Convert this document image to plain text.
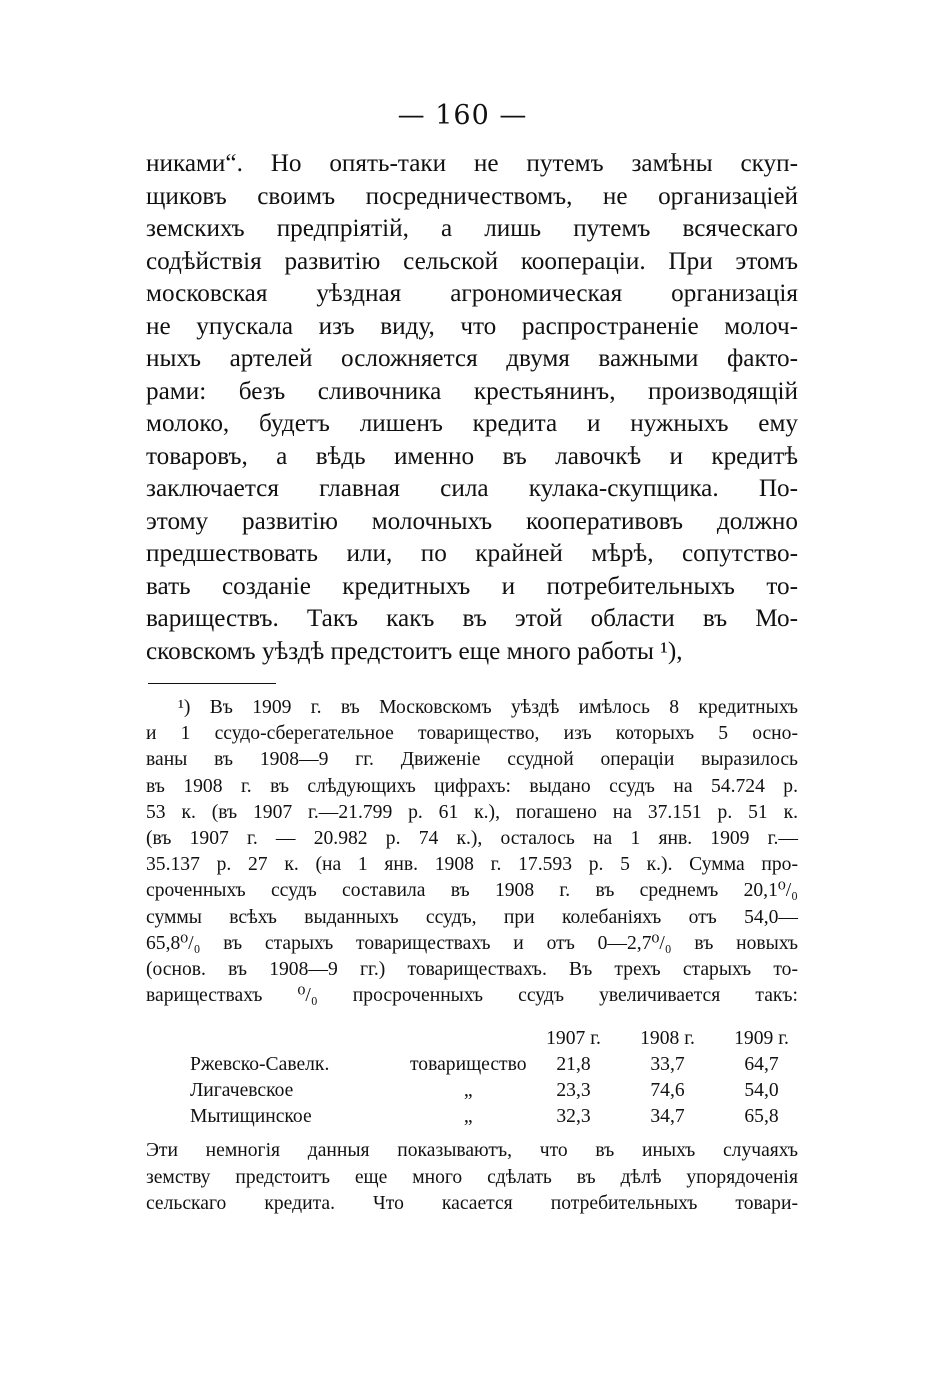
— 160 —
никами“. Но опять-таки не путемъ замѣны скуп-
щиковъ своимъ посредничествомъ, не организаціей
земскихъ предпріятій, а лишь путемъ всяческаго
содѣйствія развитію сельской коопераціи. При этомъ
московская уѣздная агрономическая организація
не упускала изъ виду, что распространеніе молоч-
ныхъ артелей осложняется двумя важными факто-
рами: безъ сливочника крестьянинъ, производящій
молоко, будетъ лишенъ кредита и нужныхъ ему
товаровъ, а вѣдь именно въ лавочкѣ и кредитѣ
заключается главная сила кулака-скупщика. По-
этому развитію молочныхъ кооперативовъ должно
предшествовать или, по крайней мѣрѣ, сопутство-
вать созданіе кредитныхъ и потребительныхъ то-
вариществъ. Такъ какъ въ этой области въ Мо-
сковскомъ уѣздѣ предстоитъ еще много работы ¹),
¹) Въ 1909 г. въ Московскомъ уѣздѣ имѣлось 8 кредитныхъ
и 1 ссудо-сберегательное товарищество, изъ которыхъ 5 осно-
ваны въ 1908—9 гг. Движеніе ссудной операціи выразилось
въ 1908 г. въ слѣдующихъ цифрахъ: выдано ссудъ на 54.724 р.
53 к. (въ 1907 г.—21.799 р. 61 к.), погашено на 37.151 р. 51 к.
(въ 1907 г. — 20.982 р. 74 к.), осталось на 1 янв. 1909 г.—
35.137 р. 27 к. (на 1 янв. 1908 г. 17.593 р. 5 к.). Сумма про-
сроченныхъ ссудъ составила въ 1908 г. въ среднемъ 20,1⁰/₀
суммы всѣхъ выданныхъ ссудъ, при колебаніяхъ отъ 54,0—
65,8⁰/₀ въ старыхъ товариществахъ и отъ 0—2,7⁰/₀ въ новыхъ
(основ. въ 1908—9 гг.) товариществахъ. Въ трехъ старыхъ то-
вариществахъ ⁰/₀ просроченныхъ ссудъ увеличивается такъ:
		1907 г.	1908 г.	1909 г.
Ржевско-Савелк.	товарищество	21,8	33,7	64,7
Лигачевское	„	23,3	74,6	54,0
Мытищинское	„	32,3	34,7	65,8
Эти немногія данныя показываютъ, что въ иныхъ случаяхъ
земству предстоитъ еще много сдѣлать въ дѣлѣ упорядоченія
сельскаго кредита. Что касается потребительныхъ товари-
